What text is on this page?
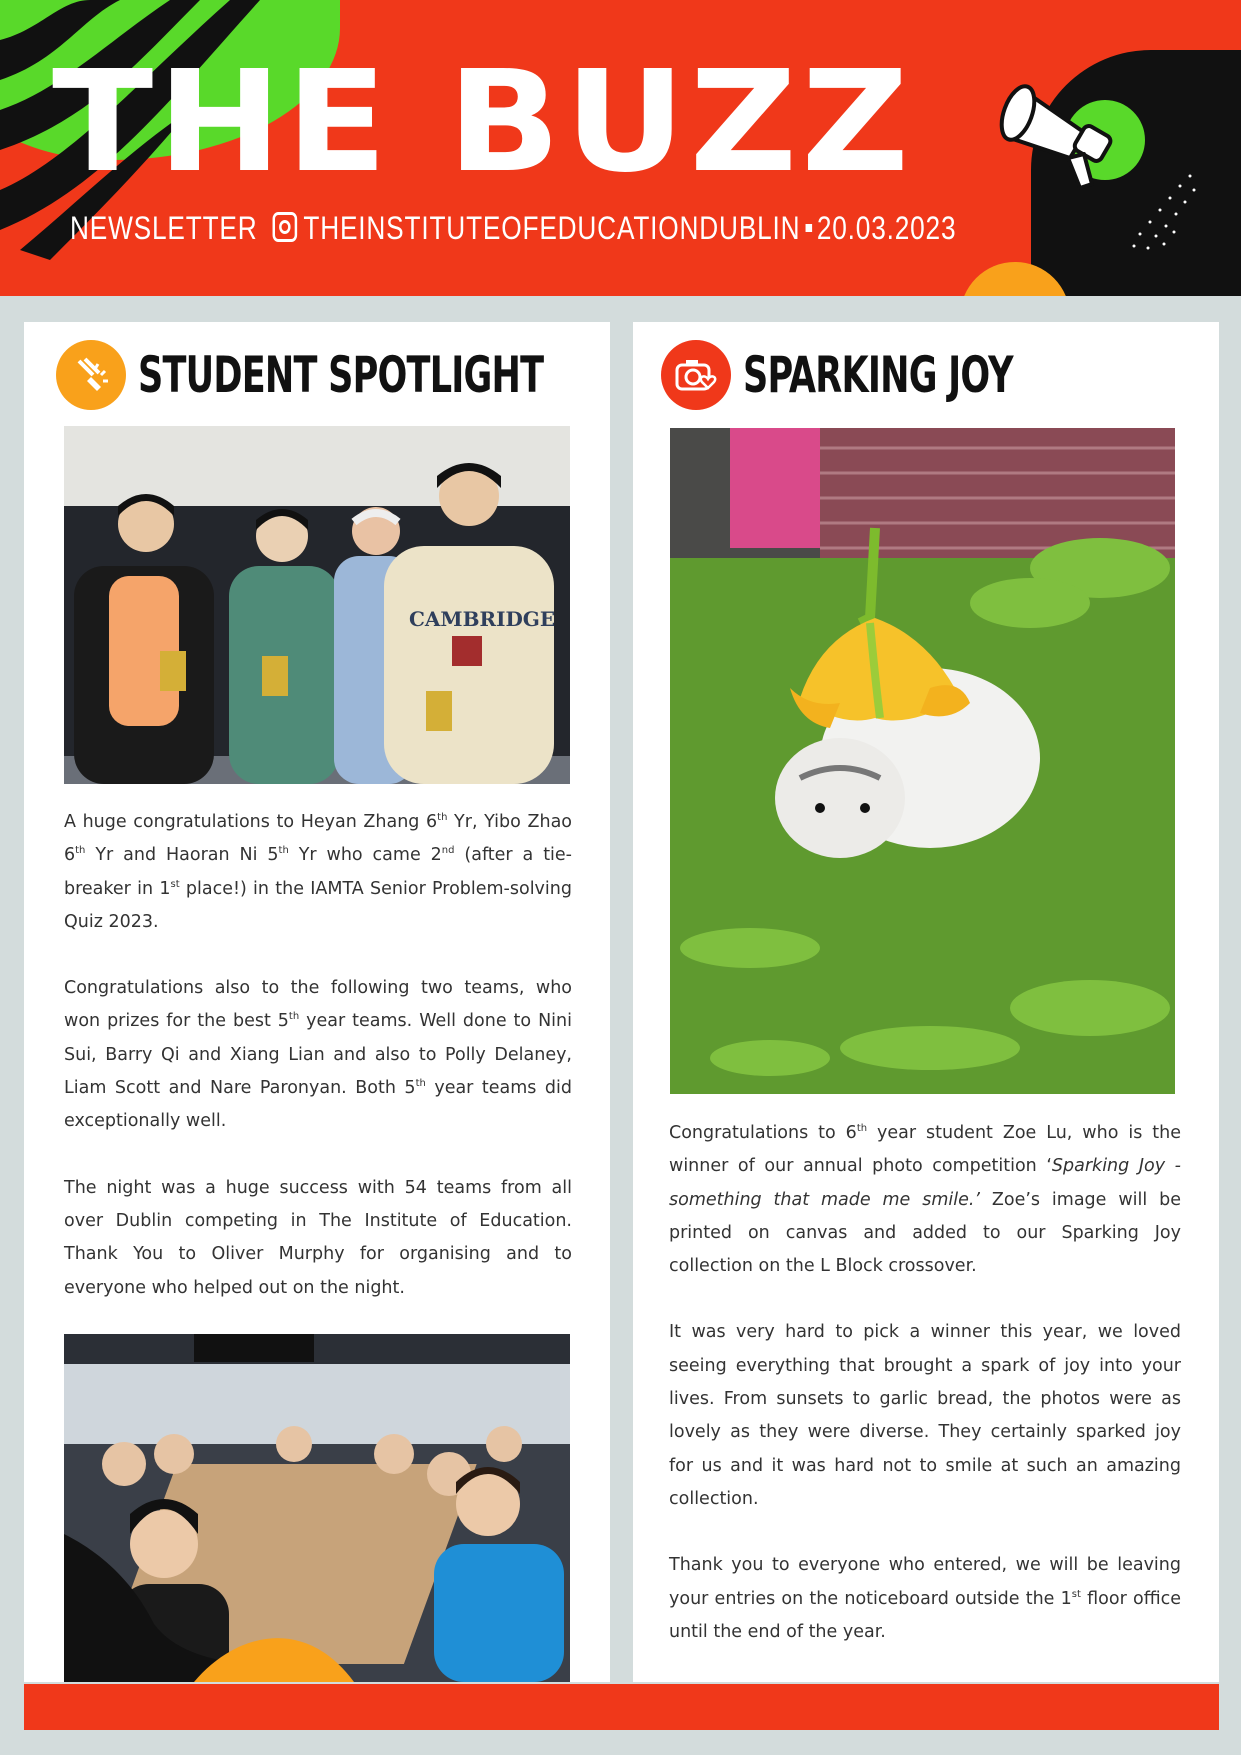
THE BUZZ
NEWSLETTER THEINSTITUTEOFEDUCATIONDUBLIN 20.03.2023
STUDENT SPOTLIGHT
CAMBRIDGE

A huge congratulations to Heyan Zhang 6th Yr, Yibo Zhao 6th Yr and Haoran Ni 5th Yr who came 2nd (after a tie-breaker in 1st place!) in the IAMTA Senior Problem-solving Quiz 2023.

Congratulations also to the following two teams, who won prizes for the best 5th year teams. Well done to Nini Sui, Barry Qi and Xiang Lian and also to Polly Delaney, Liam Scott and Nare Paronyan. Both 5th year teams did exceptionally well.

The night was a huge success with 54 teams from all over Dublin competing in The Institute of Education. Thank You to Oliver Murphy for organising and to everyone who helped out on the night.

SPARKING JOY

Congratulations to 6th year student Zoe Lu, who is the winner of our annual photo competition ‘Sparking Joy - something that made me smile.’ Zoe’s image will be printed on canvas and added to our Sparking Joy collection on the L Block crossover.

It was very hard to pick a winner this year, we loved seeing everything that brought a spark of joy into your lives. From sunsets to garlic bread, the photos were as lovely as they were diverse. They certainly sparked joy for us and it was hard not to smile at such an amazing collection.

Thank you to everyone who entered, we will be leaving your entries on the noticeboard outside the 1st floor office until the end of the year.
